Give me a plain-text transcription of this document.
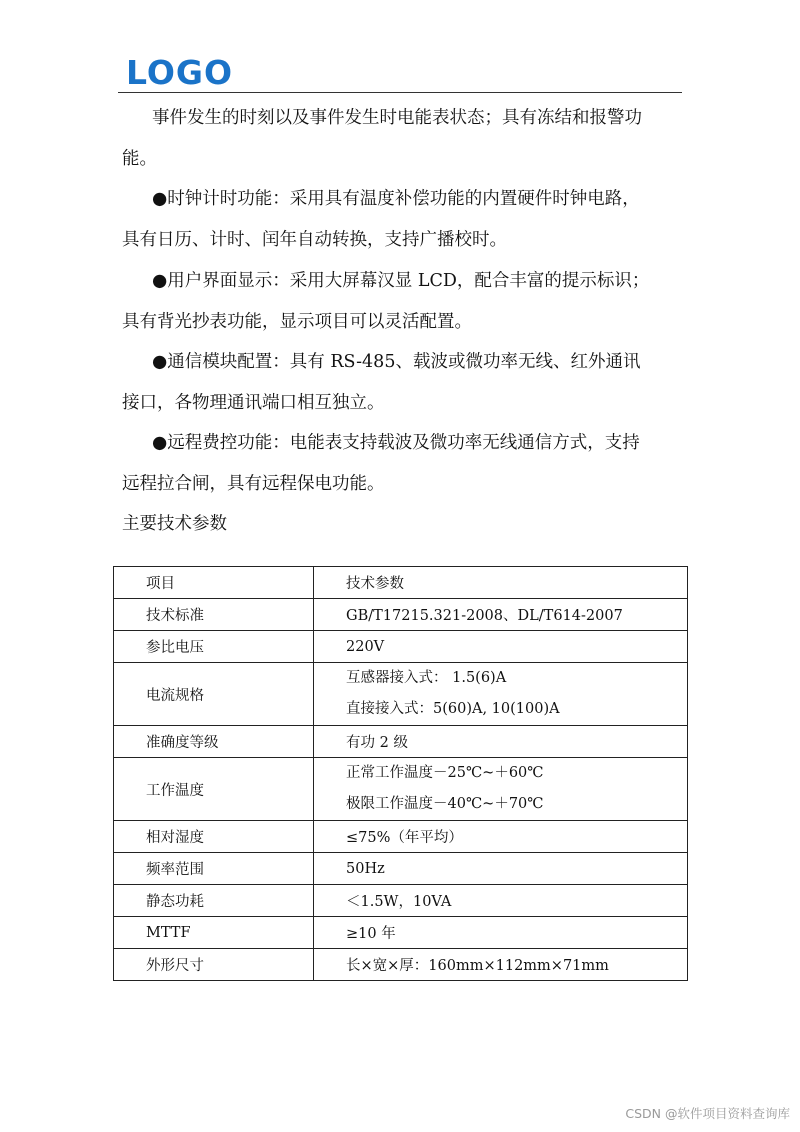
LOGO

事件发生的时刻以及事件发生时电能表状态；具有冻结和报警功
能。

●时钟计时功能：采用具有温度补偿功能的内置硬件时钟电路，
具有日历、计时、闰年自动转换，支持广播校时。

●用户界面显示：采用大屏幕汉显 LCD，配合丰富的提示标识；
具有背光抄表功能，显示项目可以灵活配置。

●通信模块配置：具有 RS-485、载波或微功率无线、红外通讯
接口，各物理通讯端口相互独立。

●远程费控功能：电能表支持载波及微功率无线通信方式，支持
远程拉合闸，具有远程保电功能。

主要技术参数

项目	技术参数
技术标准	GB/T17215.321-2008、DL/T614-2007
参比电压	220V
电流规格	互感器接入式： 1.5(6)A
直接接入式：5(60)A, 10(100)A

准确度等级	有功 2 级
工作温度	正常工作温度－25℃~＋60℃
极限工作温度－40℃~＋70℃

相对湿度	≤75%（年平均）
频率范围	50Hz
静态功耗	＜1.5W，10VA
MTTF	≥10 年
外形尺寸	长×宽×厚：160mm×112mm×71mm
CSDN @软件项目资料查询库
